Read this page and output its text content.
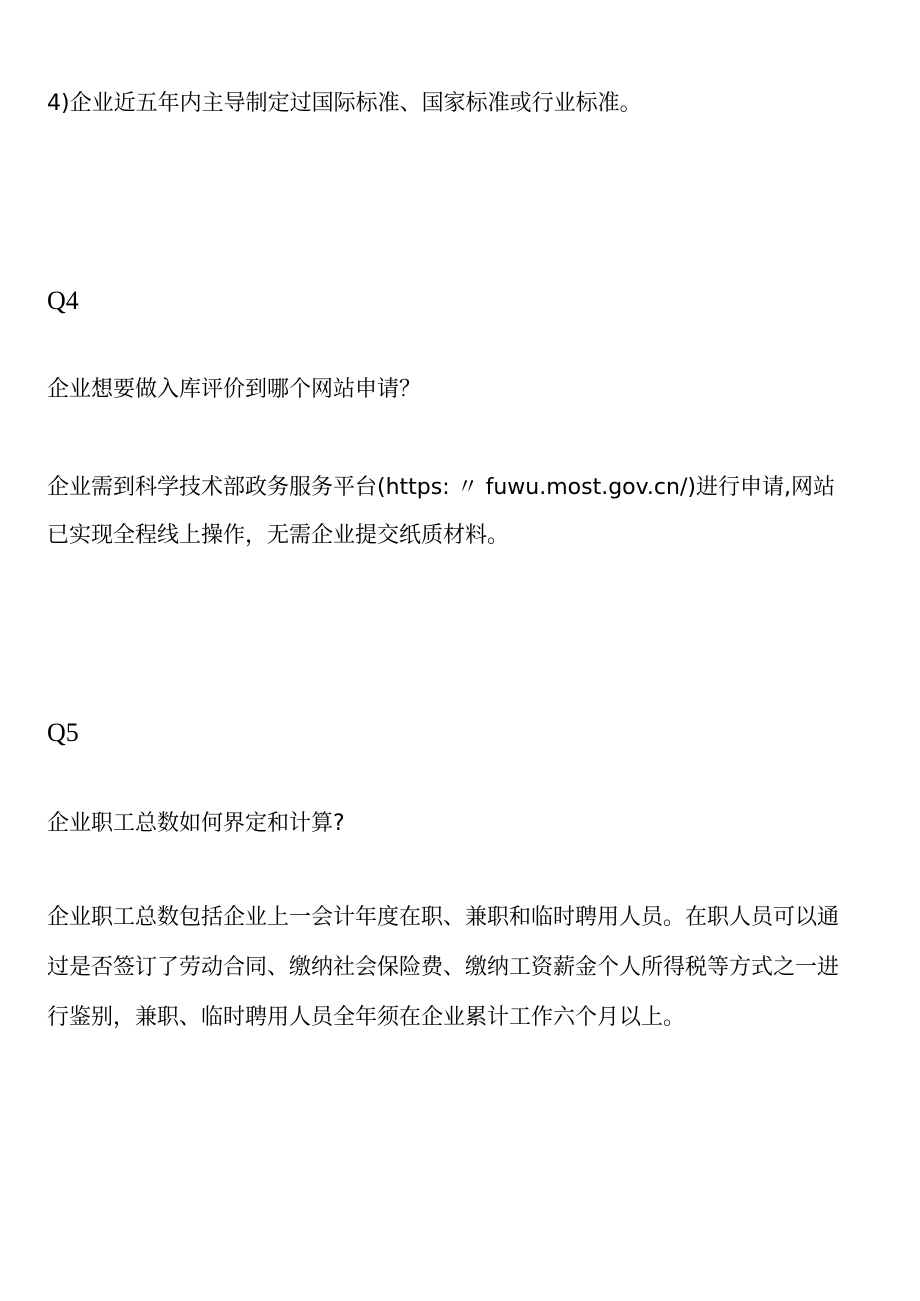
4)企业近五年内主导制定过国际标准、国家标准或行业标准。
Q4
企业想要做入库评价到哪个网站申请？
企业需到科学技术部政务服务平台(https: 〃 fuwu.most.gov.cn/)进行申请,网站
已实现全程线上操作，无需企业提交纸质材料。
Q5
企业职工总数如何界定和计算?
企业职工总数包括企业上一会计年度在职、兼职和临时聘用人员。在职人员可以通
过是否签订了劳动合同、缴纳社会保险费、缴纳工资薪金个人所得税等方式之一进
行鉴别，兼职、临时聘用人员全年须在企业累计工作六个月以上。
